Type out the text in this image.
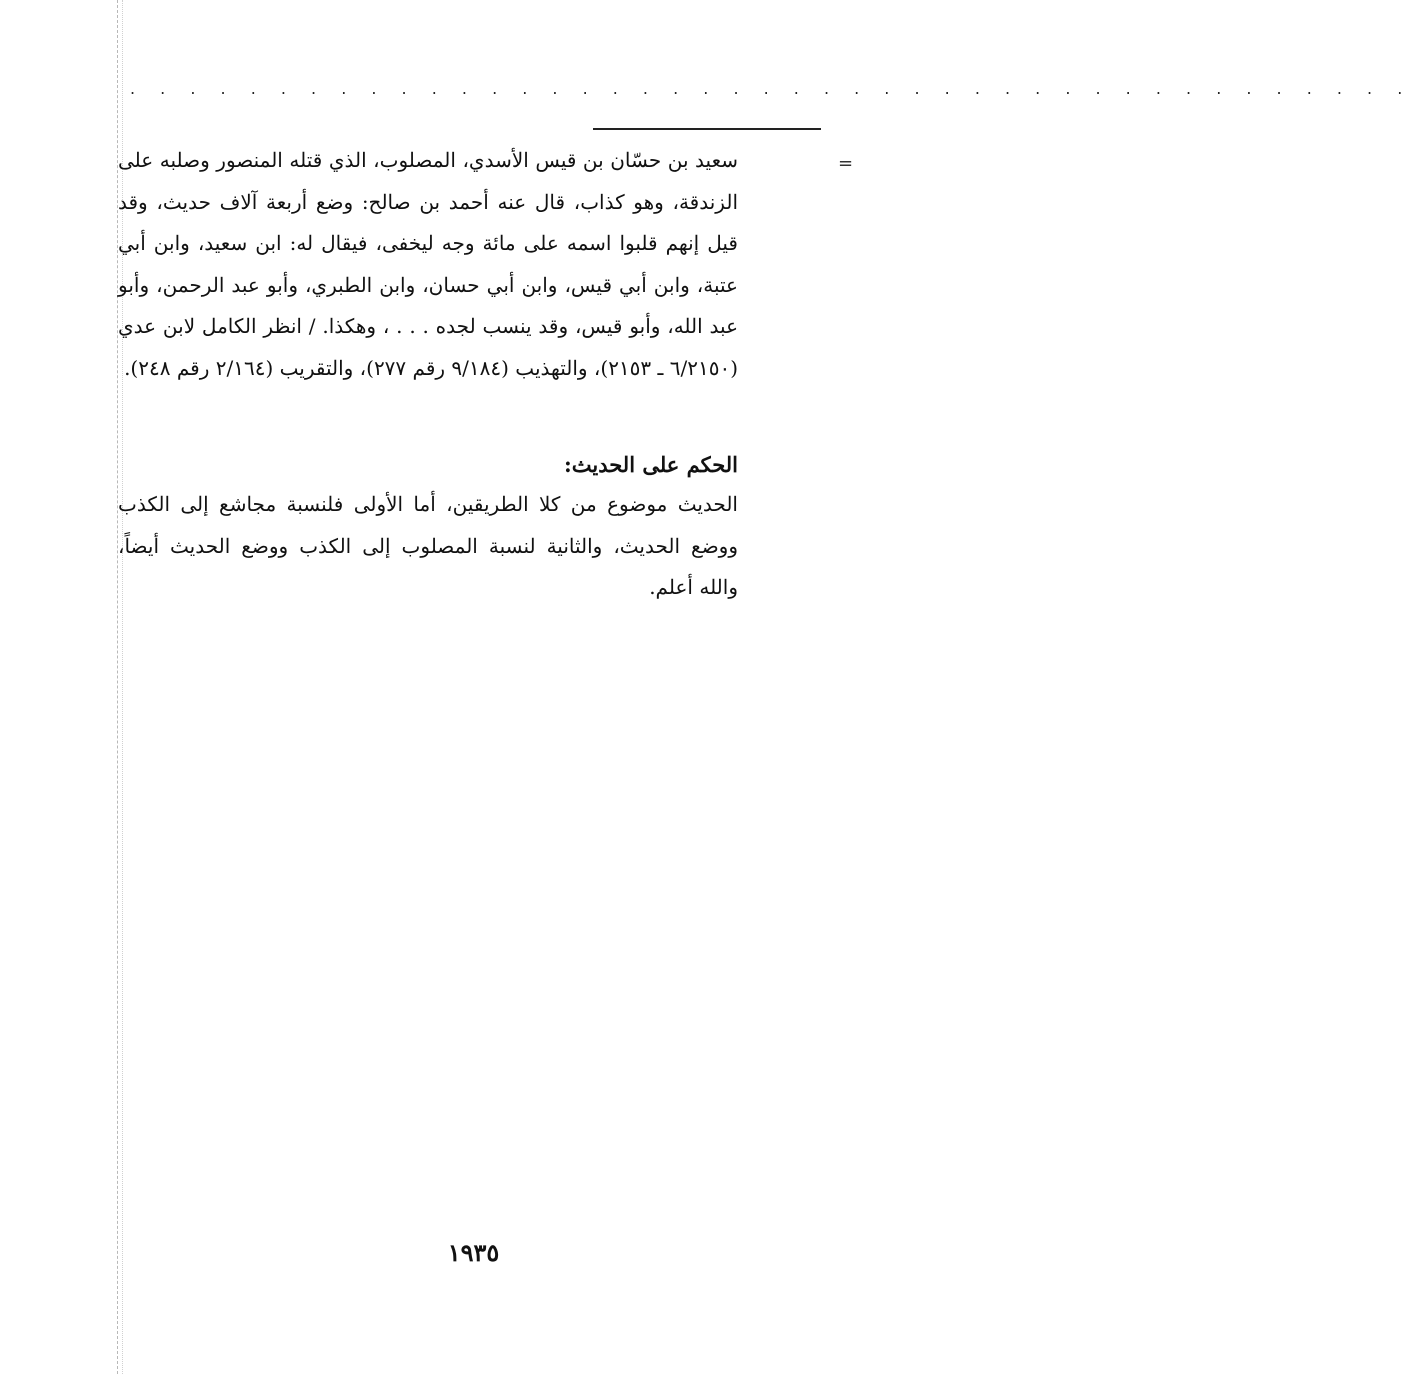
. . . . . . . . . . . . . . . . . . . . . . . . . . . . . . . . . . . . . . . . . . .
=

سعيد بن حسّان بن قيس الأسدي، المصلوب، الذي قتله المنصور وصلبه على الزندقة، وهو كذاب، قال عنه أحمد بن صالح: وضع أربعة آلاف حديث، وقد قيل إنهم قلبوا اسمه على مائة وجه ليخفى، فيقال له: ابن سعيد، وابن أبي عتبة، وابن أبي قيس، وابن أبي حسان، وابن الطبري، وأبو عبد الرحمن، وأبو عبد الله، وأبو قيس، وقد ينسب لجده . . . ، وهكذا. / انظر الكامل لابن عدي (٦/٢١٥٠ ـ ٢١٥٣)، والتهذيب (٩/١٨٤ رقم ٢٧٧)، والتقريب (٢/١٦٤ رقم ٢٤٨).

الحكم على الحديث:

الحديث موضوع من كلا الطريقين، أما الأولى فلنسبة مجاشع إلى الكذب ووضع الحديث، والثانية لنسبة المصلوب إلى الكذب ووضع الحديث أيضاً، والله أعلم.

١٩٣٥
